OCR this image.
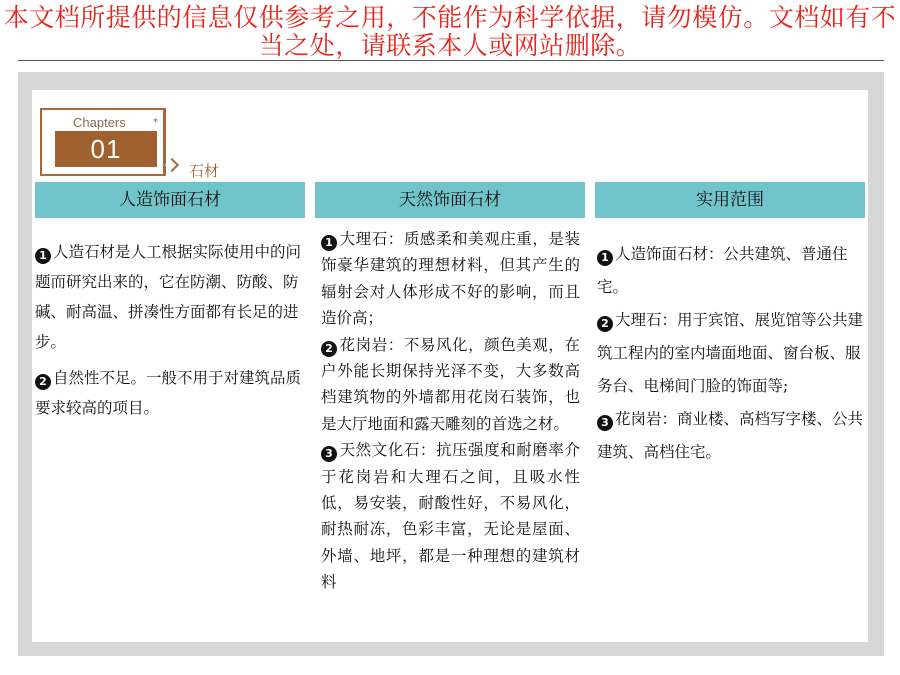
本文档所提供的信息仅供参考之用，不能作为科学依据，请勿模仿。文档如有不当之处，请联系本人或网站删除。
Chapters	*
01
石材
人造饰面石材	天然饰面石材	实用范围
1 人造石材是人工根据实际使用中的问题而研究出来的，它在防潮、防酸、防碱、耐高温、拼凑性方面都有长足的进步。
2 自然性不足。一般不用于对建筑品质要求较高的项目。
1 大理石：质感柔和美观庄重，是装饰豪华建筑的理想材料，但其产生的辐射会对人体形成不好的影响，而且造价高；
2 花岗岩：不易风化，颜色美观，在户外能长期保持光泽不变，大多数高档建筑物的外墙都用花岗石装饰，也是大厅地面和露天雕刻的首选之材。
3 天然文化石：抗压强度和耐磨率介于花岗岩和大理石之间，且吸水性低，易安装，耐酸性好，不易风化，耐热耐冻，色彩丰富，无论是屋面、外墙、地坪，都是一种理想的建筑材料
1 人造饰面石材：公共建筑、普通住宅。
2 大理石：用于宾馆、展览馆等公共建筑工程内的室内墙面地面、窗台板、服务台、电梯间门脸的饰面等;
3 花岗岩：商业楼、高档写字楼、公共建筑、高档住宅。
